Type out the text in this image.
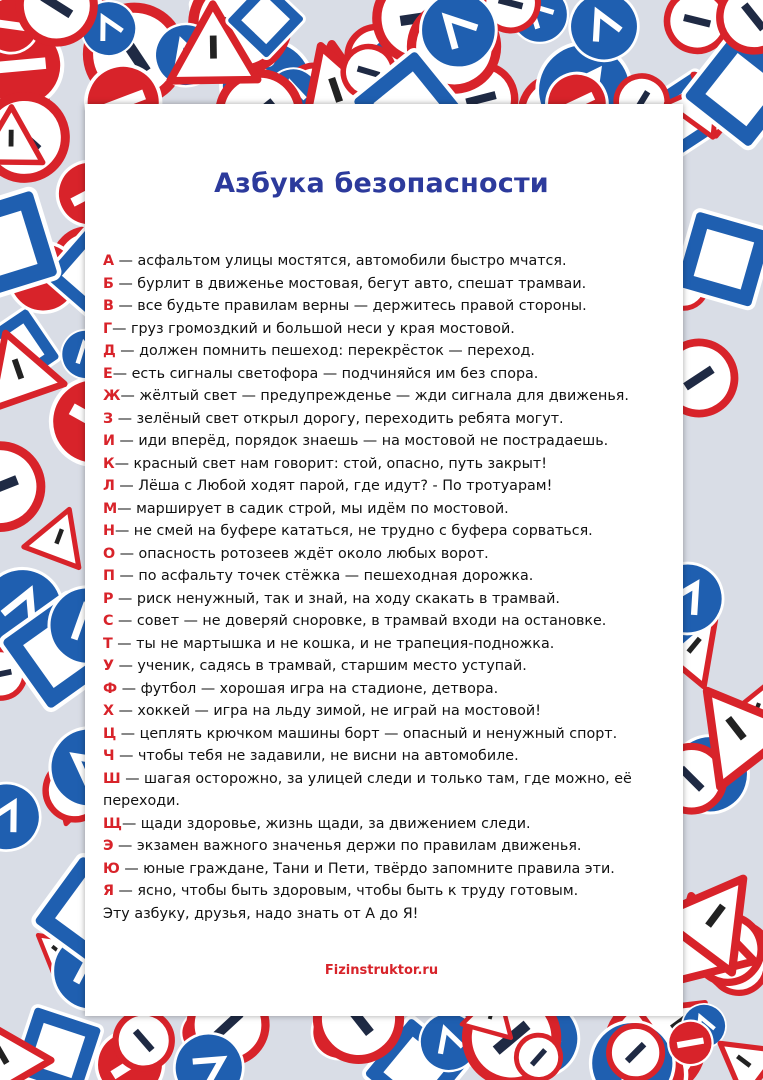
Азбука безопасности
А — асфальтом улицы мостятся, автомобили быстро мчатся.
Б — бурлит в движенье мостовая, бегут авто, спешат трамваи.
В — все будьте правилам верны — держитесь правой стороны.
Г— груз громоздкий и большой неси у края мостовой.
Д — должен помнить пешеход: перекрёсток — переход.
Е— есть сигналы светофора — подчиняйся им без спора.
Ж— жёлтый свет — предупрежденье — жди сигнала для движенья.
З — зелёный свет открыл дорогу, переходить ребята могут.
И — иди вперёд, порядок знаешь — на мостовой не пострадаешь.
К— красный свет нам говорит: стой, опасно, путь закрыт!
Л — Лёша с Любой ходят парой, где идут? - По тротуарам!
М— марширует в садик строй, мы идём по мостовой.
Н— не смей на буфере кататься, не трудно с буфера сорваться.
О — опасность ротозеев ждёт около любых ворот.
П — по асфальту точек стёжка — пешеходная дорожка.
Р — риск ненужный, так и знай, на ходу скакать в трамвай.
С — совет — не доверяй сноровке, в трамвай входи на остановке.
Т — ты не мартышка и не кошка, и не трапеция-подножка.
У — ученик, садясь в трамвай, старшим место уступай.
Ф — футбол — хорошая игра на стадионе, детвора.
Х — хоккей — игра на льду зимой, не играй на мостовой!
Ц — цеплять крючком машины борт — опасный и ненужный спорт.
Ч — чтобы тебя не задавили, не висни на автомобиле.
Ш — шагая осторожно, за улицей следи и только там, где можно, её переходи.
Щ— щади здоровье, жизнь щади, за движением следи.
Э — экзамен важного значенья держи по правилам движенья.
Ю — юные граждане, Тани и Пети, твёрдо запомните правила эти.
Я — ясно, чтобы быть здоровым, чтобы быть к труду готовым.
Эту азбуку, друзья, надо знать от А до Я!
Fizinstruktor.ru
